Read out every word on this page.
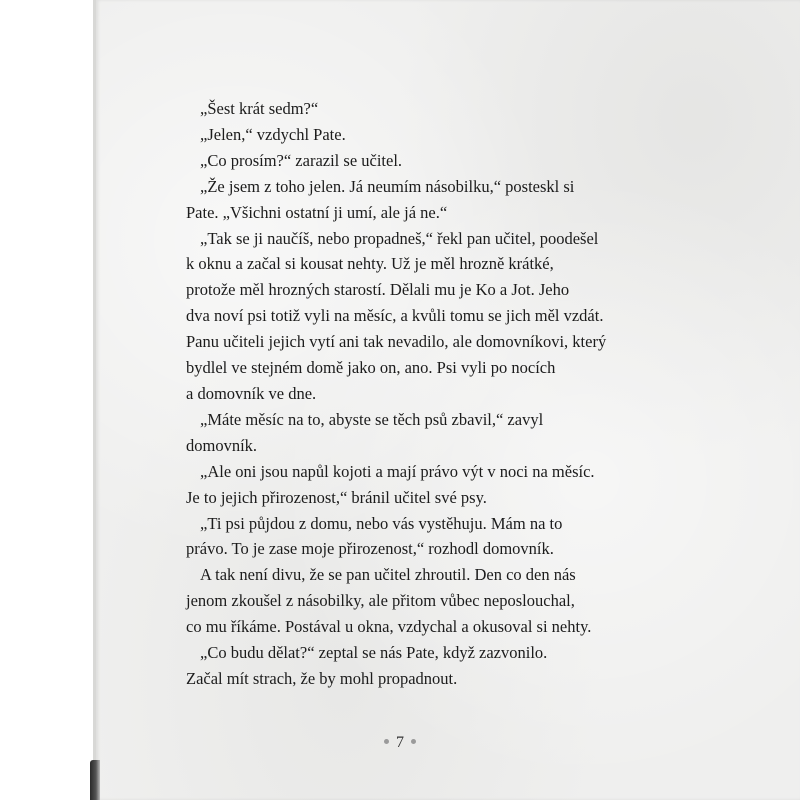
„Šest krát sedm?“
„Jelen,“ vzdychl Pate.
„Co prosím?“ zarazil se učitel.
„Že jsem z toho jelen. Já neumím násobilku,“ posteskl si
Pate. „Všichni ostatní ji umí, ale já ne.“
„Tak se ji naučíš, nebo propadneš,“ řekl pan učitel, poodešel
k oknu a začal si kousat nehty. Už je měl hrozně krátké,
protože měl hrozných starostí. Dělali mu je Ko a Jot. Jeho
dva noví psi totiž vyli na měsíc, a kvůli tomu se jich měl vzdát.
Panu učiteli jejich vytí ani tak nevadilo, ale domovníkovi, který
bydlel ve stejném domě jako on, ano. Psi vyli po nocích
a domovník ve dne.
„Máte měsíc na to, abyste se těch psů zbavil,“ zavyl
domovník.
„Ale oni jsou napůl kojoti a mají právo výt v noci na měsíc.
Je to jejich přirozenost,“ bránil učitel své psy.
„Ti psi půjdou z domu, nebo vás vystěhuju. Mám na to
právo. To je zase moje přirozenost,“ rozhodl domovník.
A tak není divu, že se pan učitel zhroutil. Den co den nás
jenom zkoušel z násobilky, ale přitom vůbec neposlouchal,
co mu říkáme. Postával u okna, vzdychal a okusoval si nehty.
„Co budu dělat?“ zeptal se nás Pate, když zazvonilo.
Začal mít strach, že by mohl propadnout.
7
